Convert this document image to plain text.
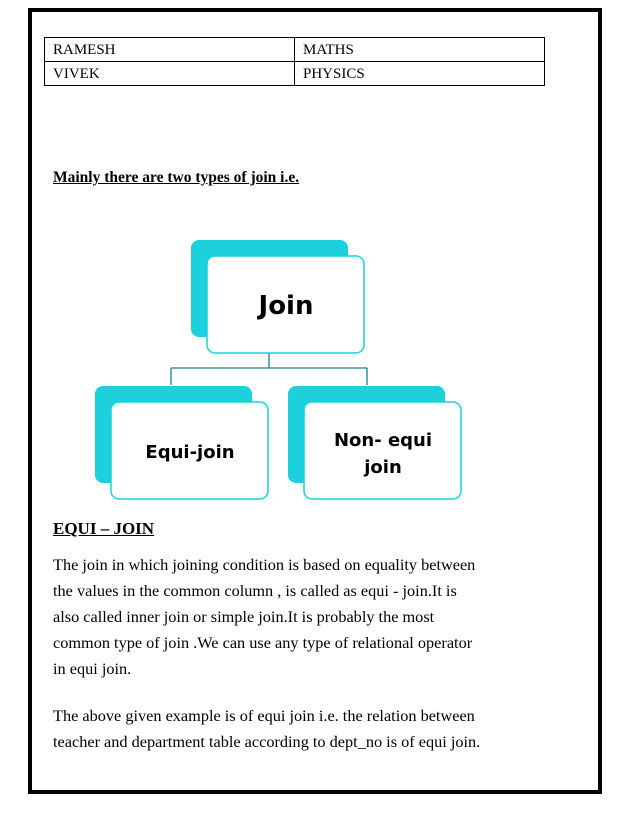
RAMESH	MATHS
VIVEK	PHYSICS

Mainly there are two types of join i.e.

Join
Equi-join
Non- equi
join

EQUI – JOIN

The join in which joining condition is based on equality between
the values in the common column , is called as equi - join.It is
also called inner join or simple join.It is probably the most
common type of join .We can use any type of relational operator
in equi join.

The above given example is of equi join i.e. the relation between
teacher and department table according to dept_no is of equi join.
